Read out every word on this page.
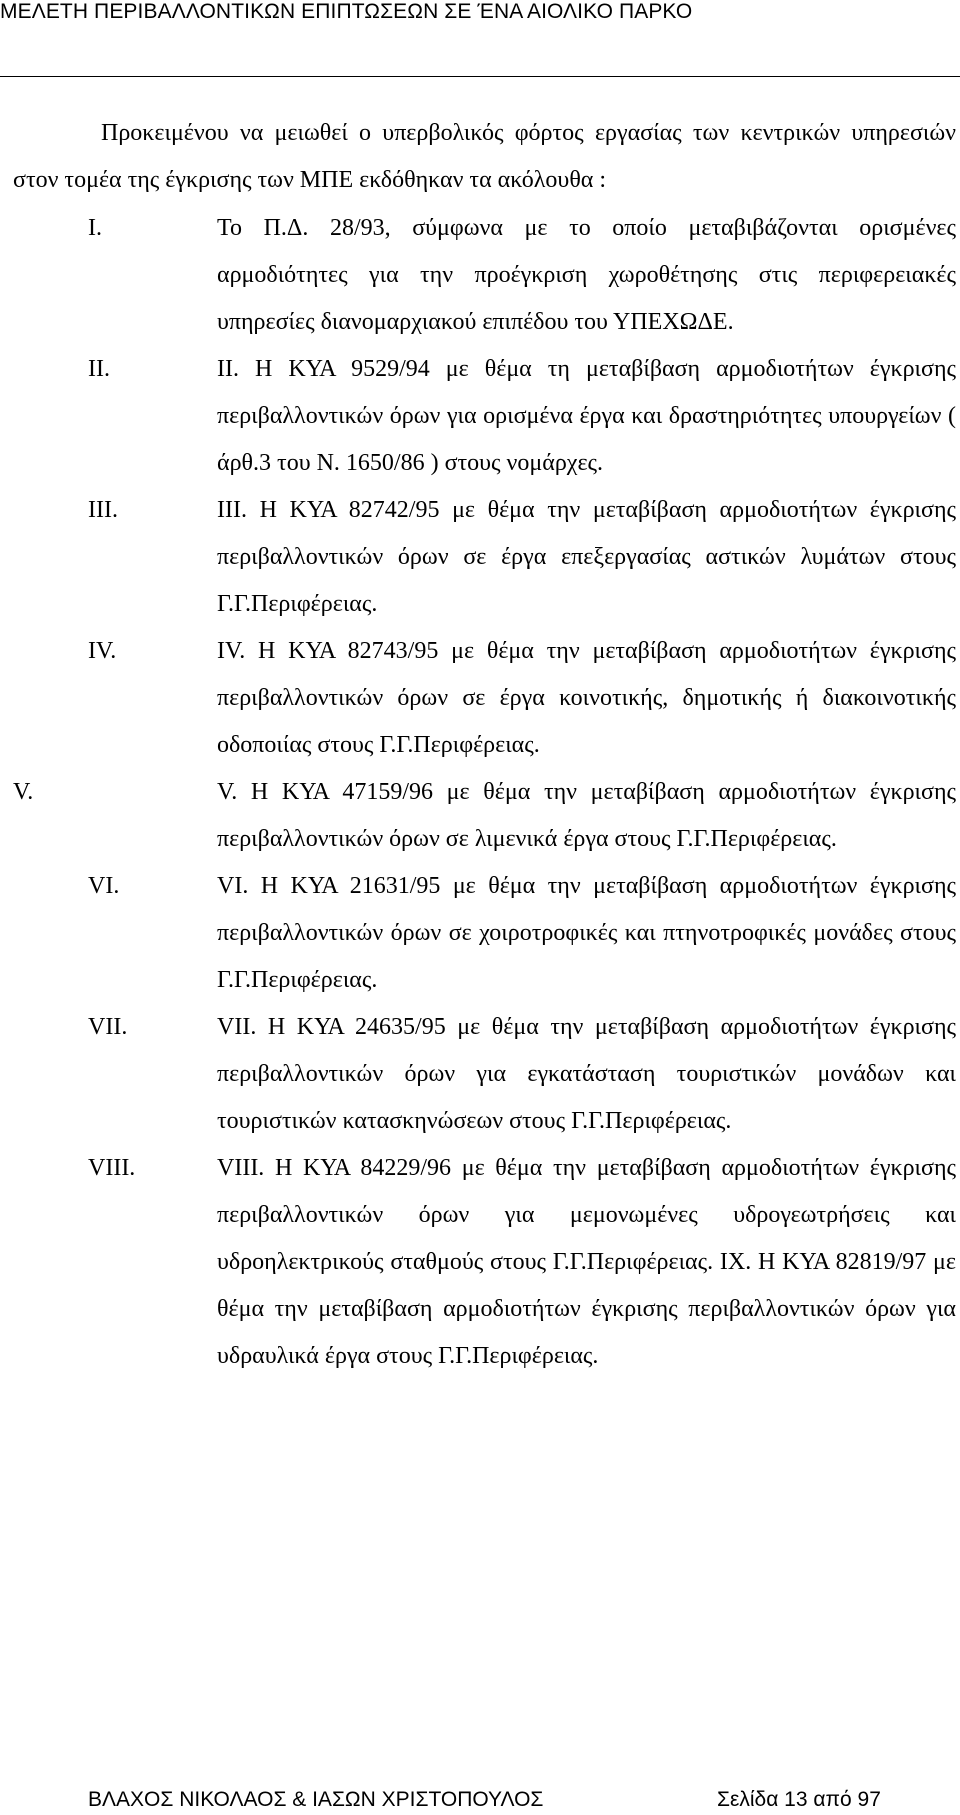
ΜΕΛΕΤΗ ΠΕΡΙΒΑΛΛΟΝΤΙΚΩΝ ΕΠΙΠΤΩΣΕΩΝ ΣΕ ΈΝΑ ΑΙΟΛΙΚΟ ΠΑΡΚΟ

Προκειμένου να μειωθεί ο υπερβολικός φόρτος εργασίας των κεντρικών υπηρεσιών στον τομέα της έγκρισης των ΜΠΕ εκδόθηκαν τα ακόλουθα :

I.	Το Π.Δ. 28/93, σύμφωνα με το οποίο μεταβιβάζονται ορισμένες αρμοδιότητες για την προέγκριση χωροθέτησης στις περιφερειακές υπηρεσίες διανομαρχιακού επιπέδου του ΥΠΕΧΩΔΕ.
II.	II. Η ΚΥΑ 9529/94 με θέμα τη μεταβίβαση αρμοδιοτήτων έγκρισης περιβαλλοντικών όρων για ορισμένα έργα και δραστηριότητες υπουργείων ( άρθ.3 του Ν. 1650/86 ) στους νομάρχες.
III.	III. Η ΚΥΑ 82742/95 με θέμα την μεταβίβαση αρμοδιοτήτων έγκρισης περιβαλλοντικών όρων σε έργα επεξεργασίας αστικών λυμάτων στους Γ.Γ.Περιφέρειας.
IV.	IV. Η ΚΥΑ 82743/95 με θέμα την μεταβίβαση αρμοδιοτήτων έγκρισης περιβαλλοντικών όρων σε έργα κοινοτικής, δημοτικής ή διακοινοτικής οδοποιίας στους Γ.Γ.Περιφέρειας.
V.	V. Η ΚΥΑ 47159/96 με θέμα την μεταβίβαση αρμοδιοτήτων έγκρισης περιβαλλοντικών όρων σε λιμενικά έργα στους Γ.Γ.Περιφέρειας.
VI.	VI. Η ΚΥΑ 21631/95 με θέμα την μεταβίβαση αρμοδιοτήτων έγκρισης περιβαλλοντικών όρων σε χοιροτροφικές και πτηνοτροφικές μονάδες στους Γ.Γ.Περιφέρειας.
VII.	VII. Η ΚΥΑ 24635/95 με θέμα την μεταβίβαση αρμοδιοτήτων έγκρισης περιβαλλοντικών όρων για εγκατάσταση τουριστικών μονάδων και τουριστικών κατασκηνώσεων στους Γ.Γ.Περιφέρειας.
VIII.	VIII. Η ΚΥΑ 84229/96 με θέμα την μεταβίβαση αρμοδιοτήτων έγκρισης περιβαλλοντικών όρων για μεμονωμένες υδρογεωτρήσεις και υδροηλεκτρικούς σταθμούς στους Γ.Γ.Περιφέρειας. IX. Η ΚΥΑ 82819/97 με θέμα την μεταβίβαση αρμοδιοτήτων έγκρισης περιβαλλοντικών όρων για υδραυλικά έργα στους Γ.Γ.Περιφέρειας.
ΒΛΑΧΟΣ ΝΙΚΟΛΑΟΣ & ΙΑΣΩΝ ΧΡΙΣΤΟΠΟΥΛΟΣ	Σελίδα 13 από 97
